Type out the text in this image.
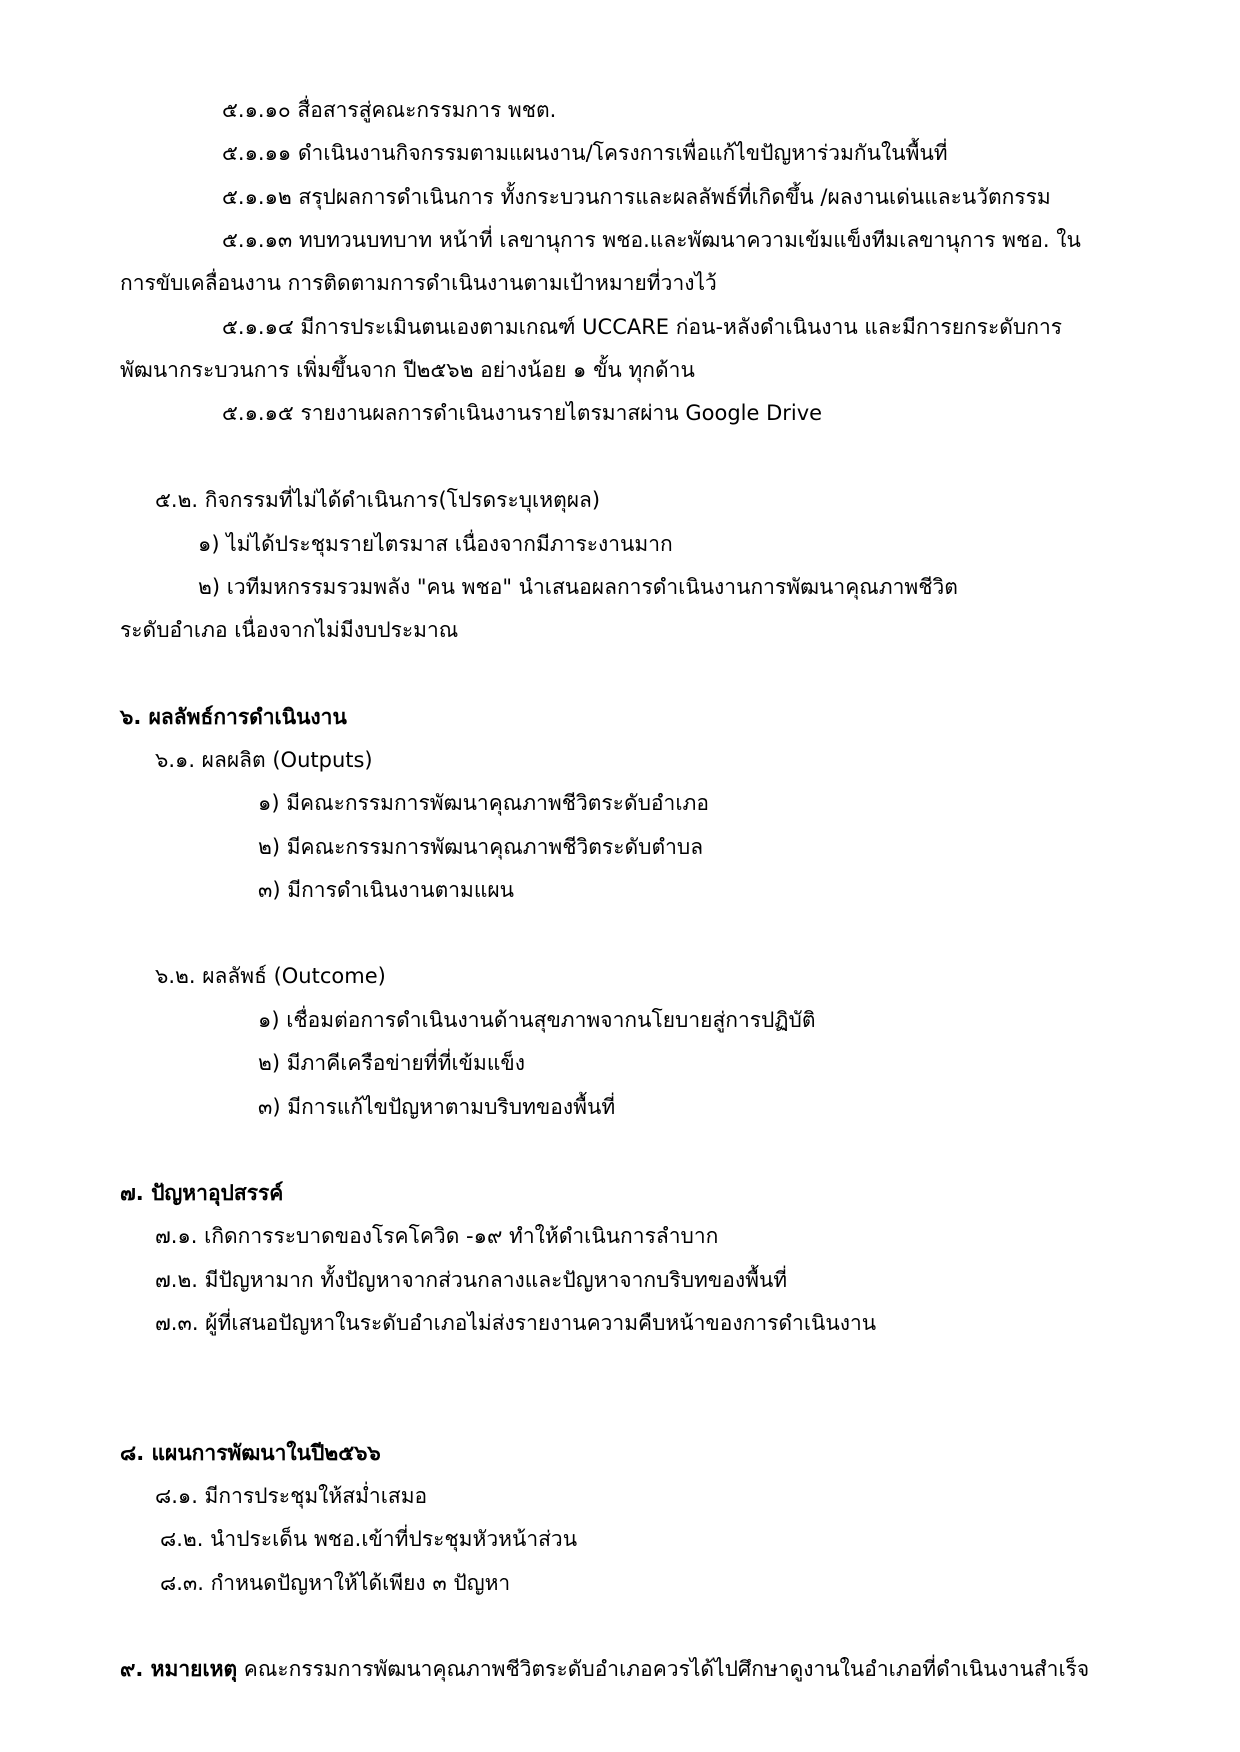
๕.๑.๑๐ สื่อสารสู่คณะกรรมการ พชต.
๕.๑.๑๑ ดำเนินงานกิจกรรมตามแผนงาน/โครงการเพื่อแก้ไขปัญหาร่วมกันในพื้นที่
๕.๑.๑๒ สรุปผลการดำเนินการ ทั้งกระบวนการและผลลัพธ์ที่เกิดขึ้น /ผลงานเด่นและนวัตกรรม
๕.๑.๑๓ ทบทวนบทบาท หน้าที่ เลขานุการ พชอ.และพัฒนาความเข้มแข็งทีมเลขานุการ พชอ. ใน
การขับเคลื่อนงาน การติดตามการดำเนินงานตามเป้าหมายที่วางไว้
๕.๑.๑๔ มีการประเมินตนเองตามเกณฑ์ UCCARE ก่อน-หลังดำเนินงาน และมีการยกระดับการ
พัฒนากระบวนการ เพิ่มขึ้นจาก ปี๒๕๖๒ อย่างน้อย ๑ ขั้น ทุกด้าน
๕.๑.๑๕ รายงานผลการดำเนินงานรายไตรมาสผ่าน Google Drive
๕.๒. กิจกรรมที่ไม่ได้ดำเนินการ(โปรดระบุเหตุผล)
๑) ไม่ได้ประชุมรายไตรมาส เนื่องจากมีภาระงานมาก
๒) เวทีมหกรรมรวมพลัง "คน พชอ" นำเสนอผลการดำเนินงานการพัฒนาคุณภาพชีวิต
ระดับอำเภอ เนื่องจากไม่มีงบประมาณ
๖. ผลลัพธ์การดำเนินงาน
๖.๑. ผลผลิต (Outputs)
๑) มีคณะกรรมการพัฒนาคุณภาพชีวิตระดับอำเภอ
๒) มีคณะกรรมการพัฒนาคุณภาพชีวิตระดับตำบล
๓) มีการดำเนินงานตามแผน
๖.๒. ผลลัพธ์ (Outcome)
๑) เชื่อมต่อการดำเนินงานด้านสุขภาพจากนโยบายสู่การปฏิบัติ
๒) มีภาคีเครือข่ายที่ที่เข้มแข็ง
๓) มีการแก้ไขปัญหาตามบริบทของพื้นที่
๗. ปัญหาอุปสรรค์
๗.๑. เกิดการระบาดของโรคโควิด -๑๙ ทำให้ดำเนินการลำบาก
๗.๒. มีปัญหามาก ทั้งปัญหาจากส่วนกลางและปัญหาจากบริบทของพื้นที่
๗.๓. ผู้ที่เสนอปัญหาในระดับอำเภอไม่ส่งรายงานความคืบหน้าของการดำเนินงาน
๘. แผนการพัฒนาในปี๒๕๖๖
๘.๑. มีการประชุมให้สม่ำเสมอ
๘.๒. นำประเด็น พชอ.เข้าที่ประชุมหัวหน้าส่วน
๘.๓. กำหนดปัญหาให้ได้เพียง ๓ ปัญหา
๙. หมายเหตุ คณะกรรมการพัฒนาคุณภาพชีวิตระดับอำเภอควรได้ไปศึกษาดูงานในอำเภอที่ดำเนินงานสำเร็จ
